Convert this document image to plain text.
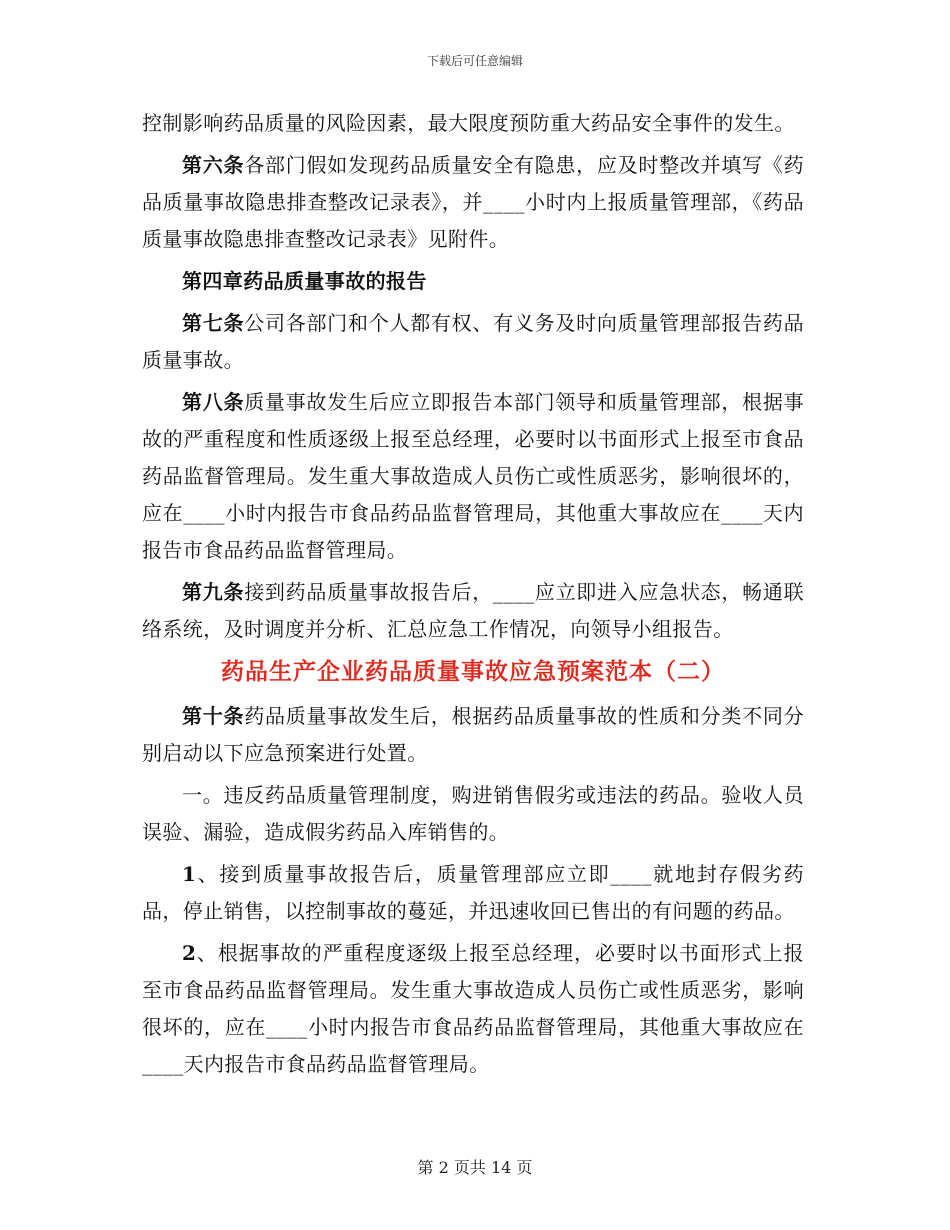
下载后可任意编辑

控制影响药品质量的风险因素，最大限度预防重大药品安全事件的发生。

第六条各部门假如发现药品质量安全有隐患，应及时整改并填写《药品质量事故隐患排查整改记录表》，并____小时内上报质量管理部，《药品质量事故隐患排查整改记录表》见附件。

第四章药品质量事故的报告

第七条公司各部门和个人都有权、有义务及时向质量管理部报告药品质量事故。

第八条质量事故发生后应立即报告本部门领导和质量管理部，根据事故的严重程度和性质逐级上报至总经理，必要时以书面形式上报至市食品药品监督管理局。发生重大事故造成人员伤亡或性质恶劣，影响很坏的，应在____小时内报告市食品药品监督管理局，其他重大事故应在____天内报告市食品药品监督管理局。

第九条接到药品质量事故报告后，____应立即进入应急状态，畅通联络系统，及时调度并分析、汇总应急工作情况，向领导小组报告。

药品生产企业药品质量事故应急预案范本（二）

第十条药品质量事故发生后，根据药品质量事故的性质和分类不同分别启动以下应急预案进行处置。

一。违反药品质量管理制度，购进销售假劣或违法的药品。验收人员误验、漏验，造成假劣药品入库销售的。

1、接到质量事故报告后，质量管理部应立即____就地封存假劣药品，停止销售，以控制事故的蔓延，并迅速收回已售出的有问题的药品。

2、根据事故的严重程度逐级上报至总经理，必要时以书面形式上报至市食品药品监督管理局。发生重大事故造成人员伤亡或性质恶劣，影响很坏的，应在____小时内报告市食品药品监督管理局，其他重大事故应在____天内报告市食品药品监督管理局。

第 2 页共 14 页
